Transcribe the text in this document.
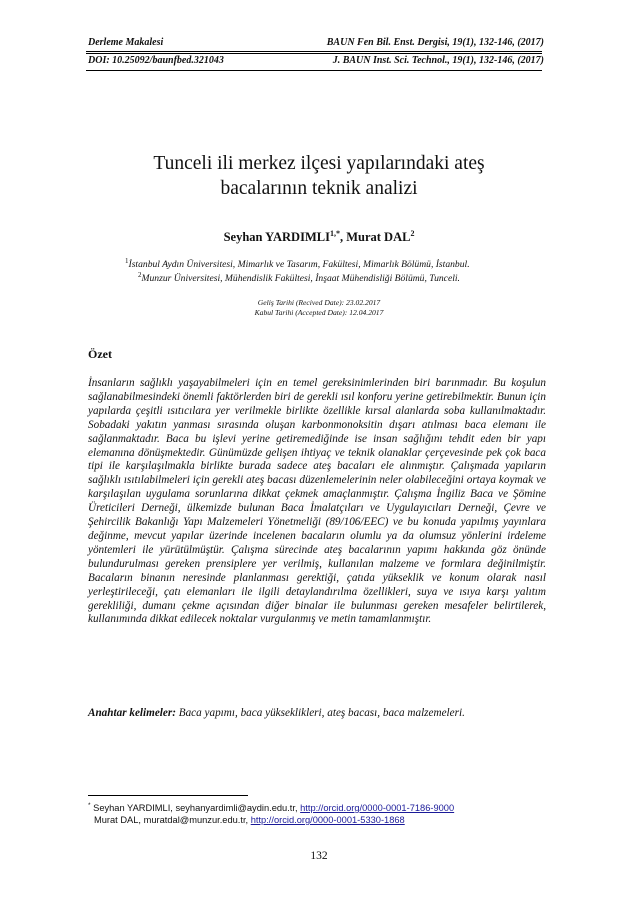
Derleme Makalesi	BAUN Fen Bil. Enst. Dergisi, 19(1), 132-146, (2017)
DOI: 10.25092/baunfbed.321043	J. BAUN Inst. Sci. Technol., 19(1), 132-146, (2017)
Tunceli ili merkez ilçesi yapılarındaki ateş
bacalarının teknik analizi
Seyhan $YARDIMLI^{1,*}$, Murat DAL$^2$
$^1$İstanbul Aydın Üniversitesi, Mimarlık ve Tasarım, Fakültesi, Mimarlık Bölümü, İstanbul.
$^2$Munzur Üniversitesi, Mühendislik Fakültesi, İnşaat Mühendisliği Bölümü, Tunceli.
Geliş Tarihi (Recived Date): 23.02.2017
Kabul Tarihi (Accepted Date): 12.04.2017
Özet

İnsanların sağlıklı yaşayabilmeleri için en temel gereksinimlerinden biri barınmadır. Bu koşulun sağlanabilmesindeki önemli faktörlerden biri de gerekli ısıl konforu yerine getirebilmektir. Bunun için yapılarda çeşitli ısıtıcılara yer verilmekle birlikte özellikle kırsal alanlarda soba kullanılmaktadır. Sobadaki yakıtın yanması sırasında oluşan karbonmonoksitin dışarı atılması baca elemanı ile sağlanmaktadır. Baca bu işlevi yerine getiremediğinde ise insan sağlığını tehdit eden bir yapı elemanına dönüşmektedir. Günümüzde gelişen ihtiyaç ve teknik olanaklar çerçevesinde pek çok baca tipi ile karşılaşılmakla birlikte burada sadece ateş bacaları ele alınmıştır. Çalışmada yapıların sağlıklı ısıtılabilmeleri için gerekli ateş bacası düzenlemelerinin neler olabileceğini ortaya koymak ve karşılaşılan uygulama sorunlarına dikkat çekmek amaçlanmıştır. Çalışma İngiliz Baca ve Şömine Üreticileri Derneği, ülkemizde bulunan Baca İmalatçıları ve Uygulayıcıları Derneği, Çevre ve Şehircilik Bakanlığı Yapı Malzemeleri Yönetmeliği (89/106/EEC) ve bu konuda yapılmış yayınlara değinme, mevcut yapılar üzerinde incelenen bacaların olumlu ya da olumsuz yönlerini irdeleme yöntemleri ile yürütülmüştür. Çalışma sürecinde ateş bacalarının yapımı hakkında göz önünde bulundurulması gereken prensiplere yer verilmiş, kullanılan malzeme ve formlara değinilmiştir. Bacaların binanın neresinde planlanması gerektiği, çatıda yükseklik ve konum olarak nasıl yerleştirileceği, çatı elemanları ile ilgili detaylandırılma özellikleri, suya ve ısıya karşı yalıtım gerekliliği, dumanı çekme açısından diğer binalar ile bulunması gereken mesafeler belirtilerek, kullanımında dikkat edilecek noktalar vurgulanmış ve metin tamamlanmıştır.

Anahtar kelimeler: Baca yapımı, baca yükseklikleri, ateş bacası, baca malzemeleri.
* Seyhan YARDIMLI, seyhanyardimli@aydin.edu.tr, http://orcid.org/0000-0001-7186-9000
Murat DAL, muratdal@munzur.edu.tr, http://orcid.org/0000-0001-5330-1868
132
